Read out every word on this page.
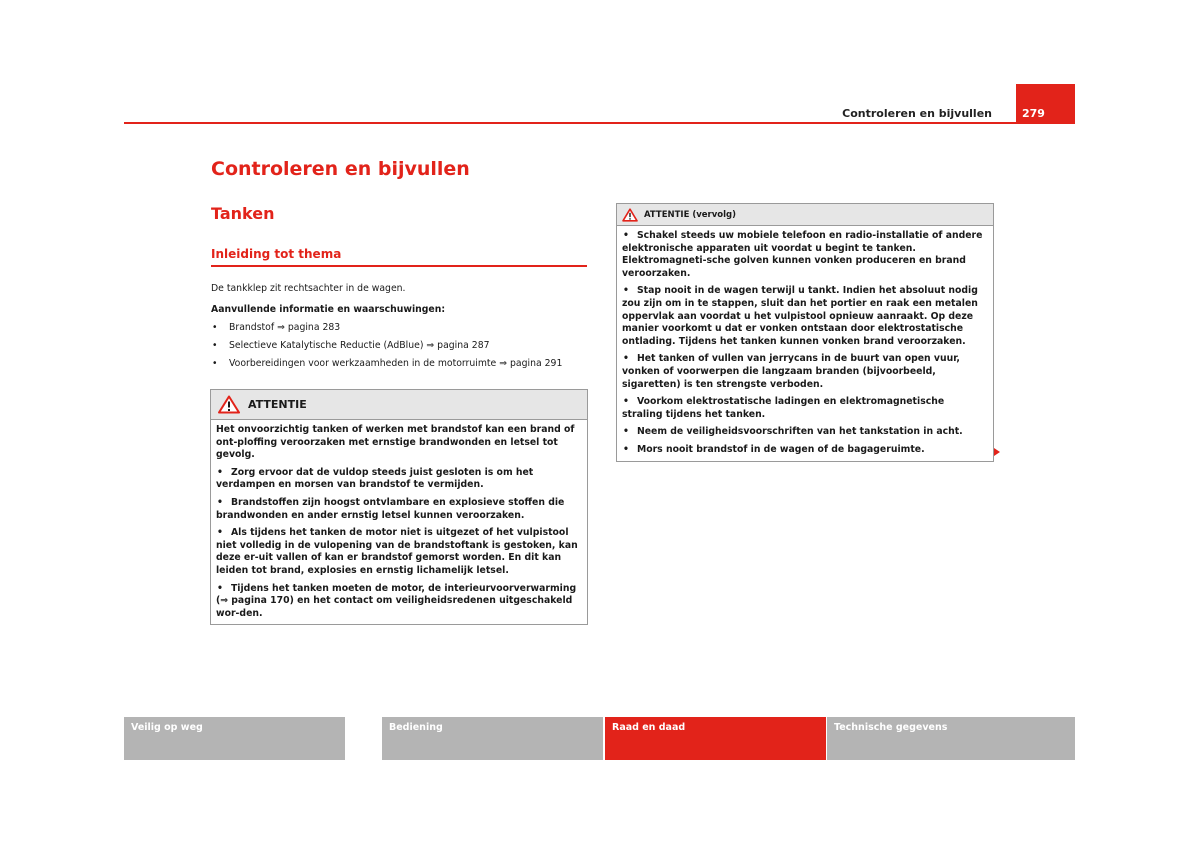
279
Controleren en bijvullen
Controleren en bijvullen
Tanken
Inleiding tot thema

De tankklep zit rechtsachter in de wagen.

Aanvullende informatie en waarschuwingen:

• Brandstof ⇒ pagina 283
• Selectieve Katalytische Reductie (AdBlue) ⇒ pagina 287
• Voorbereidingen voor werkzaamheden in de motorruimte ⇒ pagina 291
ATTENTIE

Het onvoorzichtig tanken of werken met brandstof kan een brand of ont-ploffing veroorzaken met ernstige brandwonden en letsel tot gevolg.

• Zorg ervoor dat de vuldop steeds juist gesloten is om het verdampen en morsen van brandstof te vermijden.

• Brandstoffen zijn hoogst ontvlambare en explosieve stoffen die brandwonden en ander ernstig letsel kunnen veroorzaken.

• Als tijdens het tanken de motor niet is uitgezet of het vulpistool niet volledig in de vulopening van de brandstoftank is gestoken, kan deze er-uit vallen of kan er brandstof gemorst worden. En dit kan leiden tot brand, explosies en ernstig lichamelijk letsel.

• Tijdens het tanken moeten de motor, de interieurvoorverwarming (⇒ pagina 170) en het contact om veiligheidsredenen uitgeschakeld wor-den.

ATTENTIE (vervolg)

• Schakel steeds uw mobiele telefoon en radio-installatie of andere elektronische apparaten uit voordat u begint te tanken. Elektromagneti-sche golven kunnen vonken produceren en brand veroorzaken.

• Stap nooit in de wagen terwijl u tankt. Indien het absoluut nodig zou zijn om in te stappen, sluit dan het portier en raak een metalen oppervlak aan voordat u het vulpistool opnieuw aanraakt. Op deze manier voorkomt u dat er vonken ontstaan door elektrostatische ontlading. Tijdens het tanken kunnen vonken brand veroorzaken.

• Het tanken of vullen van jerrycans in de buurt van open vuur, vonken of voorwerpen die langzaam branden (bijvoorbeeld, sigaretten) is ten strengste verboden.

• Voorkom elektrostatische ladingen en elektromagnetische straling tijdens het tanken.

• Neem de veiligheidsvoorschriften van het tankstation in acht.

• Mors nooit brandstof in de wagen of de bagageruimte.

Veilig op weg	Bediening	Raad en daad	Technische gegevens
